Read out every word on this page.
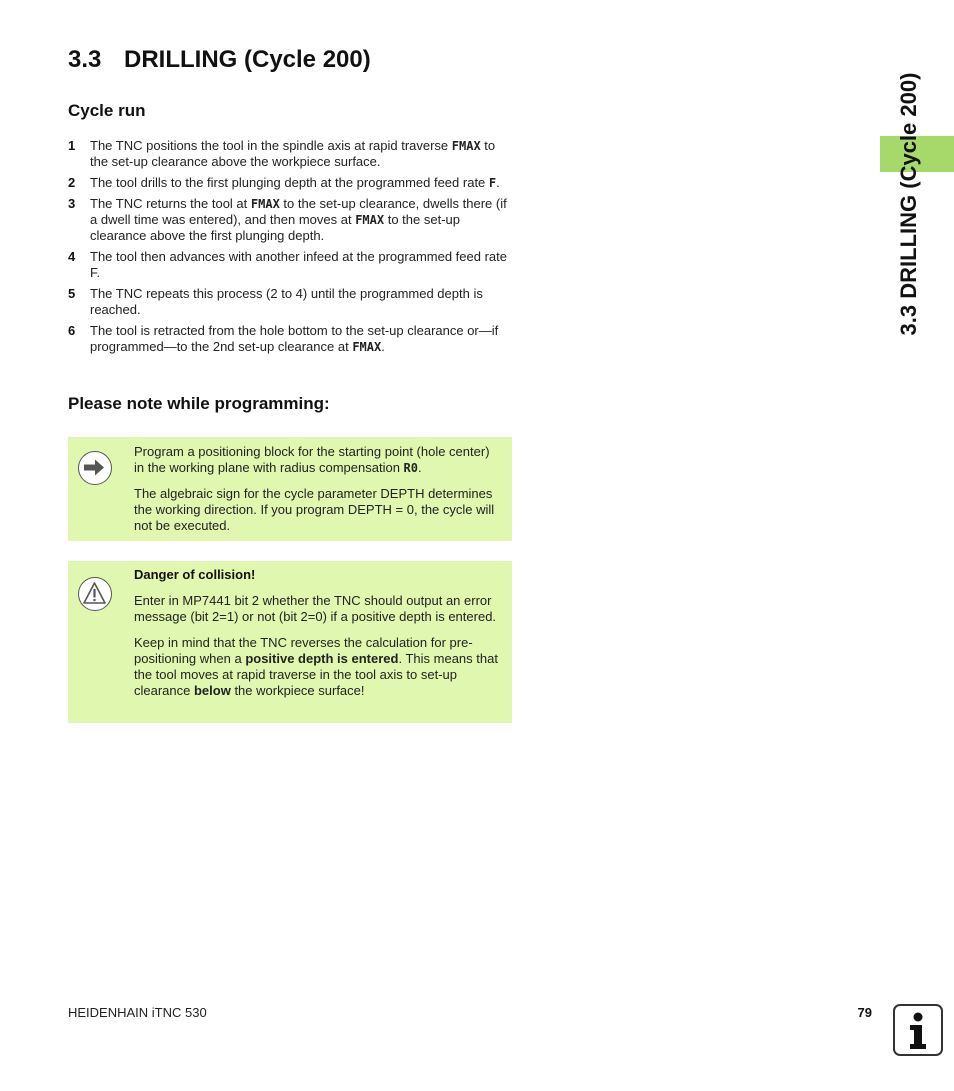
3.3 DRILLING (Cycle 200)
Cycle run
1	The TNC positions the tool in the spindle axis at rapid traverse FMAX to the set-up clearance above the workpiece surface.
2	The tool drills to the first plunging depth at the programmed feed rate F.
3	The TNC returns the tool at FMAX to the set-up clearance, dwells there (if a dwell time was entered), and then moves at FMAX to the set-up clearance above the first plunging depth.
4	The tool then advances with another infeed at the programmed feed rate F.
5	The TNC repeats this process (2 to 4) until the programmed depth is reached.
6	The tool is retracted from the hole bottom to the set-up clearance or—if programmed—to the 2nd set-up clearance at FMAX.
Please note while programming:

Program a positioning block for the starting point (hole center) in the working plane with radius compensation R0.

The algebraic sign for the cycle parameter DEPTH determines the working direction. If you program DEPTH = 0, the cycle will not be executed.

Danger of collision!

Enter in MP7441 bit 2 whether the TNC should output an error message (bit 2=1) or not (bit 2=0) if a positive depth is entered.

Keep in mind that the TNC reverses the calculation for pre-positioning when a positive depth is entered. This means that the tool moves at rapid traverse in the tool axis to set-up clearance below the workpiece surface!

3.3 DRILLING (Cycle 200)
HEIDENHAIN iTNC 530	79
